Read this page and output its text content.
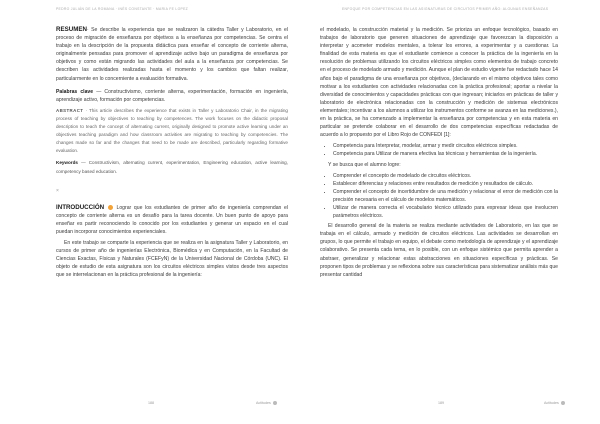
PEDRO JULIÁN DE LA ROMANA · INÉS CONSTANTE · MARIA FE LOPEZ

RESUMEN· Se describe la experiencia que se realizaron la cátedra Taller y Laboratorio, en el proceso de migración de enseñanza por objetivos a la enseñanza por competencias. Se centra el trabajo en la descripción de la propuesta didáctica para enseñar el concepto de corriente alterna, originalmente pensadas para promover el aprendizaje activo bajo un paradigma de enseñanza por objetivos y como están migrando las actividades del aula a la enseñanza por competencias. Se describen las actividades realizadas hasta el momento y los cambios que faltan realizar, particularmente en lo concerniente a evaluación formativa.

Palabras clave — Constructivismo, corriente alterna, experimentación, formación en ingeniería, aprendizaje activo, formación por competencias.

ABSTRACT · This article describes the experience that exists in Taller y Laboratorio Chair, in the migrating process of teaching by objectives to teaching by competences. The work focuses on the didactic proposal description to teach the concept of alternating current, originally designed to promote active learning under an objectives teaching paradigm and how classroom activities are migrating to teaching by competencies. The changes made so far and the changes that need to be made are described, particularly regarding formative evaluation.

Keywords — Constructivism, alternating current, experimentation, Engineering education, active learning, competency based education.

×

INTRODUCCIÓN Lograr que los estudiantes de primer año de ingeniería comprendan el concepto de corriente alterna es un desafío para la tarea docente. Un buen punto de apoyo para enseñar es partir reconociendo lo conocido por los estudiantes y generar un espacio en el cual puedan incorporar conocimientos experienciales.

En este trabajo se comparte la experiencia que se realiza en la asignatura Taller y Laboratorio, en cursos de primer año de ingenierías Electrónica, Biomédica y en Computación, en la Facultad de Ciencias Exactas, Físicas y Naturales (FCEFyN) de la Universidad Nacional de Córdoba (UNC). El objeto de estudio de esta asignatura son los circuitos eléctricos simples vistos desde tres aspectos que se interrelacionan en la práctica profesional de la ingeniería:

188	Actitudes
ENFOQUE POR COMPETENCIAS EN LAS ASIGNATURAS DE CIRCUITOS PRIMER AÑO: ALGUNAS ENSEÑANZAS

el modelado, la construcción material y la medición. Se prioriza un enfoque tecnológico, basado en trabajos de laboratorio que generen situaciones de aprendizaje que favorezcan la disposición a interpretar y acometer modelos mentales, a tolerar los errores, a experimentar y a cuestionar. La finalidad de esta materia es que el estudiante comience a conocer la práctica de la ingeniería en la resolución de problemas utilizando los circuitos eléctricos simples como elementos de trabajo concreto en el proceso de modelado armado y medición. Aunque el plan de estudio vigente fue redactado hace 14 años bajo el paradigma de una enseñanza por objetivos, (declarando en el mismo objetivos tales como motivar a los estudiantes con actividades relacionadas con la práctica profesional; aportar a nivelar la diversidad de conocimientos y capacidades prácticas con que ingresan; iniciarlos en prácticas de taller y laboratorio de electrónica relacionadas con la construcción y medición de sistemas electrónicos elementales; incentivar a los alumnos a utilizar los instrumentos conforme se avanza en las mediciones.), en la práctica, se ha comenzado a implementar la enseñanza por competencias y en esta materia en particular se pretende colaborar en el desarrollo de dos competencias específicas redactadas de acuerdo a lo propuesto por el Libro Rojo de CONFEDI [1]:

• Competencia para Interpretar, modelar, armar y medir circuitos eléctricos simples.
• Competencia para Utilizar de manera efectiva las técnicas y herramientas de la ingeniería.

Y se busca que el alumno logre:

• Comprender el concepto de modelado de circuitos eléctricos.
• Establecer diferencias y relaciones entre resultados de medición y resultados de cálculo.
• Comprender el concepto de incertidumbre de una medición y relacionar el error de medición con la precisión necesaria en el cálculo de modelos matemáticos.
• Utilizar de manera correcta el vocabulario técnico utilizado para expresar ideas que involucren parámetros eléctricos.

El desarrollo general de la materia se realiza mediante actividades de Laboratorio, en las que se trabaja en el cálculo, armado y medición de circuitos eléctricos. Las actividades se desarrollan en grupos, lo que permite el trabajo en equipo, el debate como metodología de aprendizaje y el aprendizaje colaborativo. Se presenta cada tema, en lo posible, con un enfoque sistémico que permita aprender a abstraer, generalizar y relacionar estas abstracciones en situaciones específicas y prácticas. Se proponen tipos de problemas y se reflexiona sobre sus características para sistematizar análisis más que presentar cantidad

189	Actitudes
